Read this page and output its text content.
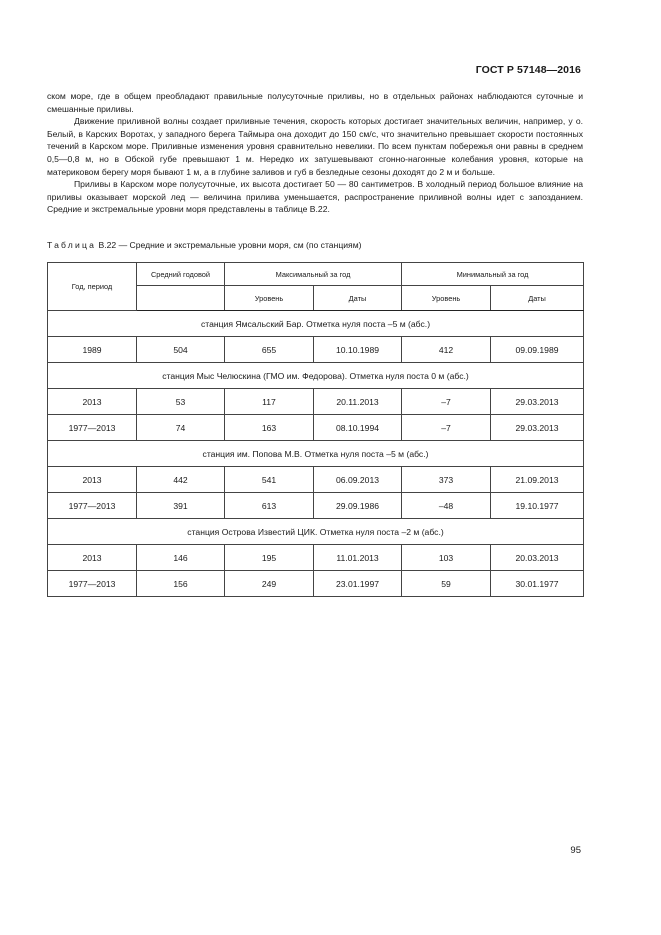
ГОСТ Р 57148—2016

ском море, где в общем преобладают правильные полусуточные приливы, но в отдельных районах наблюдаются суточные и смешанные приливы.

Движение приливной волны создает приливные течения, скорость которых достигает значительных величин, например, у о. Белый, в Карских Воротах, у западного берега Таймыра она доходит до 150 см/с, что значительно превышает скорости постоянных течений в Карском море. Приливные изменения уровня сравнительно невелики. По всем пунктам побережья они равны в среднем 0,5—0,8 м, но в Обской губе превышают 1 м. Нередко их затушевывают сгонно-нагонные колебания уровня, которые на материковом берегу моря бывают 1 м, а в глубине заливов и губ в безледные сезоны доходят до 2 м и больше.

Приливы в Карском море полусуточные, их высота достигает 50 — 80 сантиметров. В холодный период большое влияние на приливы оказывает морской лед — величина прилива уменьшается, распространение приливной волны идет с запозданием. Средние и экстремальные уровни моря представлены в таблице В.22.

Таблица В.22 — Средние и экстремальные уровни моря, см (по станциям)
Год, период	Средний годовой	Максимальный за год		Минимальный за год	
		Уровень	Даты	Уровень	Даты
станция Ямсальский Бар. Отметка нуля поста –5 м (абс.)					
1989	504	655	10.10.1989	412	09.09.1989
станция Мыс Челюскина (ГМО им. Федорова). Отметка нуля поста 0 м (абс.)					
2013	53	117	20.11.2013	–7	29.03.2013
1977—2013	74	163	08.10.1994	–7	29.03.2013
станция им. Попова М.В. Отметка нуля поста –5 м (абс.)					
2013	442	541	06.09.2013	373	21.09.2013
1977—2013	391	613	29.09.1986	–48	19.10.1977
станция Острова Известий ЦИК. Отметка нуля поста –2 м (абс.)					
2013	146	195	11.01.2013	103	20.03.2013
1977—2013	156	249	23.01.1997	59	30.01.1977
95
